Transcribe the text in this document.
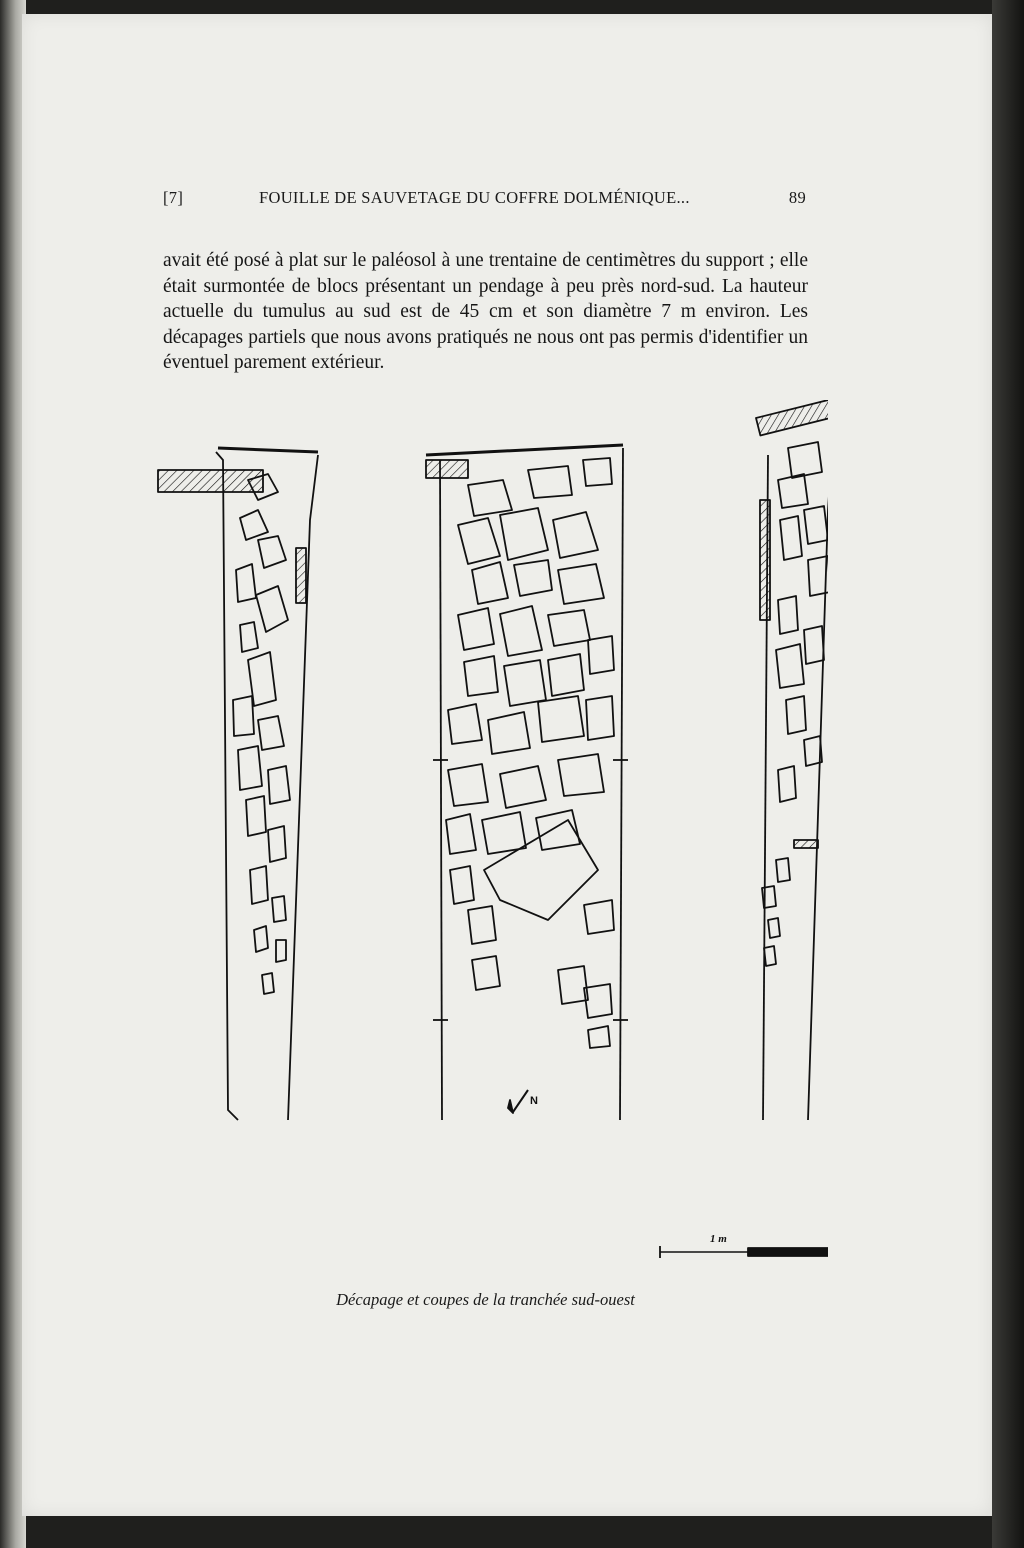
[7]	FOUILLE DE SAUVETAGE DU COFFRE DOLMÉNIQUE...	89

avait été posé à plat sur le paléosol à une trentaine de centimètres du support ; elle était surmontée de blocs présentant un pendage à peu près nord-sud. La hauteur actuelle du tumulus au sud est de 45 cm et son diamètre 7 m environ. Les décapages partiels que nous avons pratiqués ne nous ont pas permis d'identifier un éventuel parement extérieur.

N
1 m
Décapage et coupes de la tranchée sud-ouest
